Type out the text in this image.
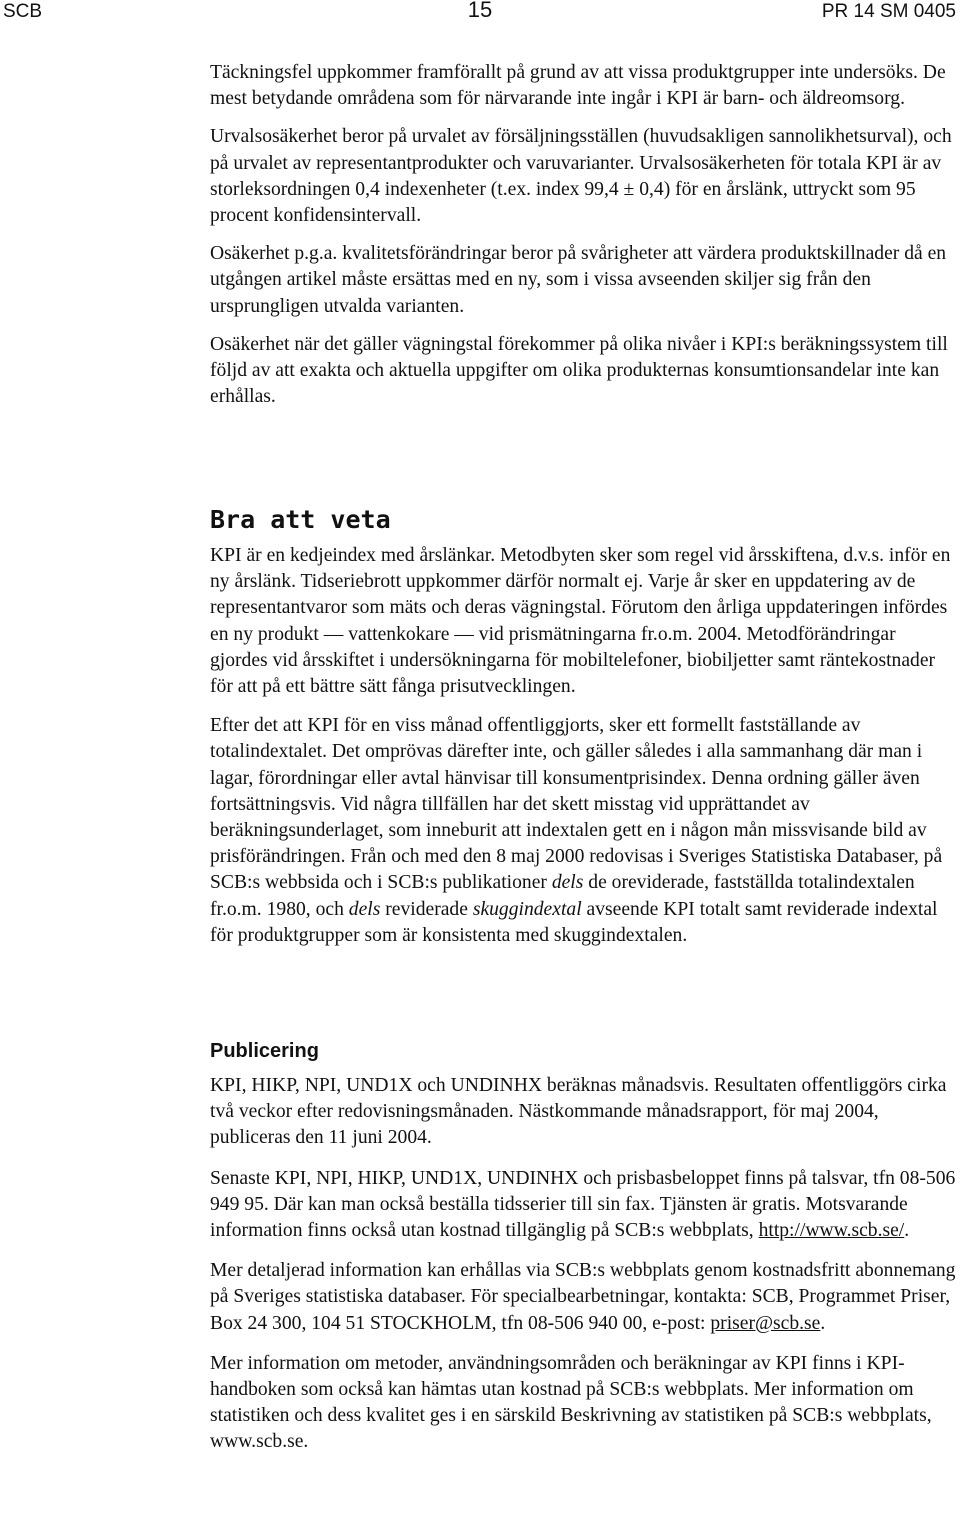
SCB	15	PR 14 SM 0405

Täckningsfel uppkommer framförallt på grund av att vissa produktgrupper inte undersöks. De mest betydande områdena som för närvarande inte ingår i KPI är barn- och äldreomsorg.

Urvalsosäkerhet beror på urvalet av försäljningsställen (huvudsakligen sannolikhetsurval), och på urvalet av representantprodukter och varuvarianter. Urvalsosäkerheten för totala KPI är av storleksordningen 0,4 indexenheter (t.ex. index 99,4 ± 0,4) för en årslänk, uttryckt som 95 procent konfidensintervall.

Osäkerhet p.g.a. kvalitetsförändringar beror på svårigheter att värdera produktskillnader då en utgången artikel måste ersättas med en ny, som i vissa avseenden skiljer sig från den ursprungligen utvalda varianten.

Osäkerhet när det gäller vägningstal förekommer på olika nivåer i KPI:s beräkningssystem till följd av att exakta och aktuella uppgifter om olika produkternas konsumtionsandelar inte kan erhållas.

Bra att veta

KPI är en kedjeindex med årslänkar. Metodbyten sker som regel vid årsskiftena, d.v.s. inför en ny årslänk. Tidseriebrott uppkommer därför normalt ej. Varje år sker en uppdatering av de representantvaror som mäts och deras vägningstal. Förutom den årliga uppdateringen infördes en ny produkt — vattenkokare — vid prismätningarna fr.o.m. 2004. Metodförändringar gjordes vid årsskiftet i undersökningarna för mobiltelefoner, biobiljetter samt räntekostnader för att på ett bättre sätt fånga prisutvecklingen.

Efter det att KPI för en viss månad offentliggjorts, sker ett formellt fastställande av totalindextalet. Det omprövas därefter inte, och gäller således i alla sammanhang där man i lagar, förordningar eller avtal hänvisar till konsumentprisindex. Denna ordning gäller även fortsättningsvis. Vid några tillfällen har det skett misstag vid upprättandet av beräkningsunderlaget, som inneburit att indextalen gett en i någon mån missvisande bild av prisförändringen. Från och med den 8 maj 2000 redovisas i Sveriges Statistiska Databaser, på SCB:s webbsida och i SCB:s publikationer dels de oreviderade, fastställda totalindextalen fr.o.m. 1980, och dels reviderade skuggindextal avseende KPI totalt samt reviderade indextal för produktgrupper som är konsistenta med skuggindextalen.

Publicering

KPI, HIKP, NPI, UND1X och UNDINHX beräknas månadsvis. Resultaten offentliggörs cirka två veckor efter redovisningsmånaden. Nästkommande månadsrapport, för maj 2004, publiceras den 11 juni 2004.

Senaste KPI, NPI, HIKP, UND1X, UNDINHX och prisbasbeloppet finns på talsvar, tfn 08-506 949 95. Där kan man också beställa tidsserier till sin fax. Tjänsten är gratis. Motsvarande information finns också utan kostnad tillgänglig på SCB:s webbplats, http://www.scb.se/.

Mer detaljerad information kan erhållas via SCB:s webbplats genom kostnadsfritt abonnemang på Sveriges statistiska databaser. För specialbearbetningar, kontakta: SCB, Programmet Priser, Box 24 300, 104 51 STOCKHOLM, tfn 08-506 940 00, e-post: priser@scb.se.

Mer information om metoder, användningsområden och beräkningar av KPI finns i KPI-handboken som också kan hämtas utan kostnad på SCB:s webbplats. Mer information om statistiken och dess kvalitet ges i en särskild Beskrivning av statistiken på SCB:s webbplats, www.scb.se.
